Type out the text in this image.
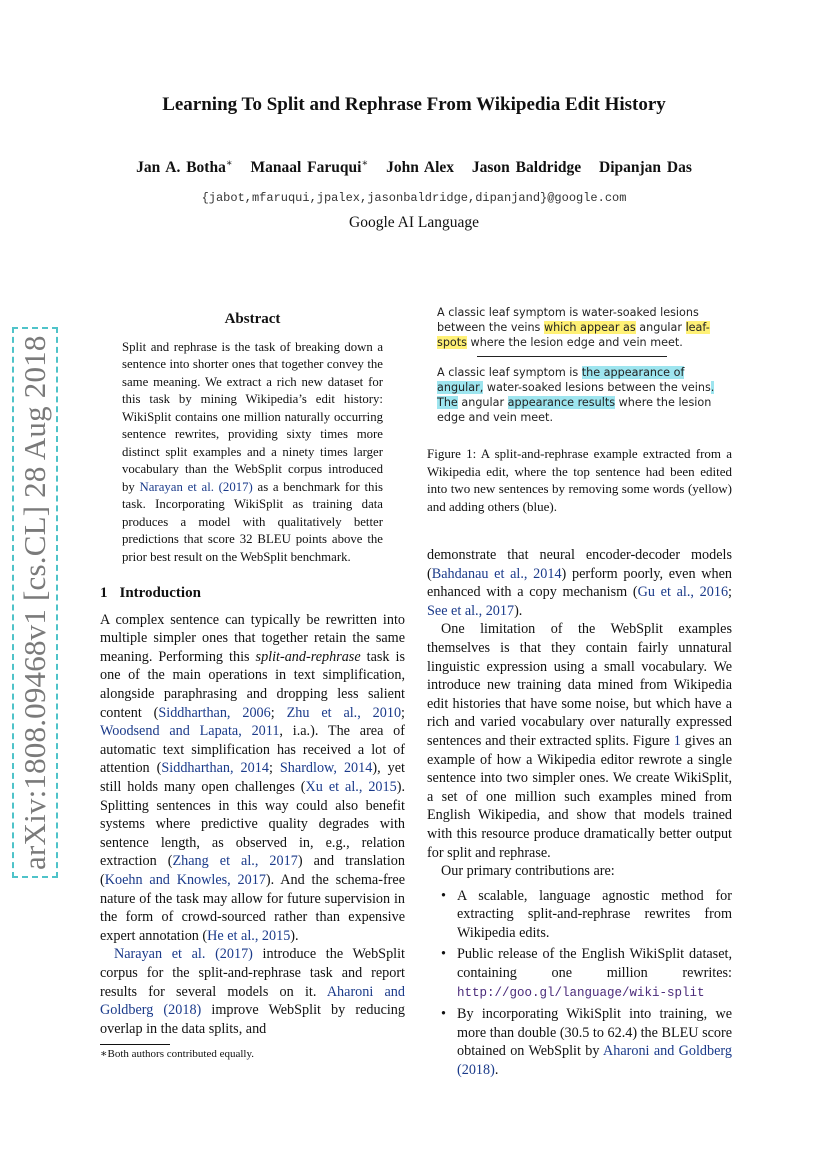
arXiv:1808.09468v1 [cs.CL] 28 Aug 2018
Learning To Split and Rephrase From Wikipedia Edit History
Jan A. Botha∗ Manaal Faruqui∗ John Alex Jason Baldridge Dipanjan Das
{jabot,mfaruqui,jpalex,jasonbaldridge,dipanjand}@google.com
Google AI Language
Abstract

Split and rephrase is the task of breaking down a sentence into shorter ones that together convey the same meaning. We extract a rich new dataset for this task by mining Wikipedia’s edit history: WikiSplit contains one million naturally occurring sentence rewrites, providing sixty times more distinct split examples and a ninety times larger vocabulary than the WebSplit corpus introduced by Narayan et al. (2017) as a benchmark for this task. Incorporating WikiSplit as training data produces a model with qualitatively better predictions that score 32 BLEU points above the prior best result on the WebSplit benchmark.

1 Introduction

A complex sentence can typically be rewritten into multiple simpler ones that together retain the same meaning. Performing this split-and-rephrase task is one of the main operations in text simplification, alongside paraphrasing and dropping less salient content (Siddharthan, 2006; Zhu et al., 2010; Woodsend and Lapata, 2011, i.a.). The area of automatic text simplification has received a lot of attention (Siddharthan, 2014; Shardlow, 2014), yet still holds many open challenges (Xu et al., 2015). Splitting sentences in this way could also benefit systems where predictive quality degrades with sentence length, as observed in, e.g., relation extraction (Zhang et al., 2017) and translation (Koehn and Knowles, 2017). And the schema-free nature of the task may allow for future supervision in the form of crowd-sourced rather than expensive expert annotation (He et al., 2015).

Narayan et al. (2017) introduce the WebSplit corpus for the split-and-rephrase task and report results for several models on it. Aharoni and Goldberg (2018) improve WebSplit by reducing overlap in the data splits, and

∗Both authors contributed equally.

A classic leaf symptom is water-soaked lesions between the veins which appear as angular leaf-spots where the lesion edge and vein meet.

A classic leaf symptom is the appearance of angular, water-soaked lesions between the veins. The angular appearance results where the lesion edge and vein meet.

Figure 1: A split-and-rephrase example extracted from a Wikipedia edit, where the top sentence had been edited into two new sentences by removing some words (yellow) and adding others (blue).

demonstrate that neural encoder-decoder models (Bahdanau et al., 2014) perform poorly, even when enhanced with a copy mechanism (Gu et al., 2016; See et al., 2017).

One limitation of the WebSplit examples themselves is that they contain fairly unnatural linguistic expression using a small vocabulary. We introduce new training data mined from Wikipedia edit histories that have some noise, but which have a rich and varied vocabulary over naturally expressed sentences and their extracted splits. Figure 1 gives an example of how a Wikipedia editor rewrote a single sentence into two simpler ones. We create WikiSplit, a set of one million such examples mined from English Wikipedia, and show that models trained with this resource produce dramatically better output for split and rephrase.

Our primary contributions are:

• A scalable, language agnostic method for extracting split-and-rephrase rewrites from Wikipedia edits.
• Public release of the English WikiSplit dataset, containing one million rewrites: http://goo.gl/language/wiki-split
• By incorporating WikiSplit into training, we more than double (30.5 to 62.4) the BLEU score obtained on WebSplit by Aharoni and Goldberg (2018).
